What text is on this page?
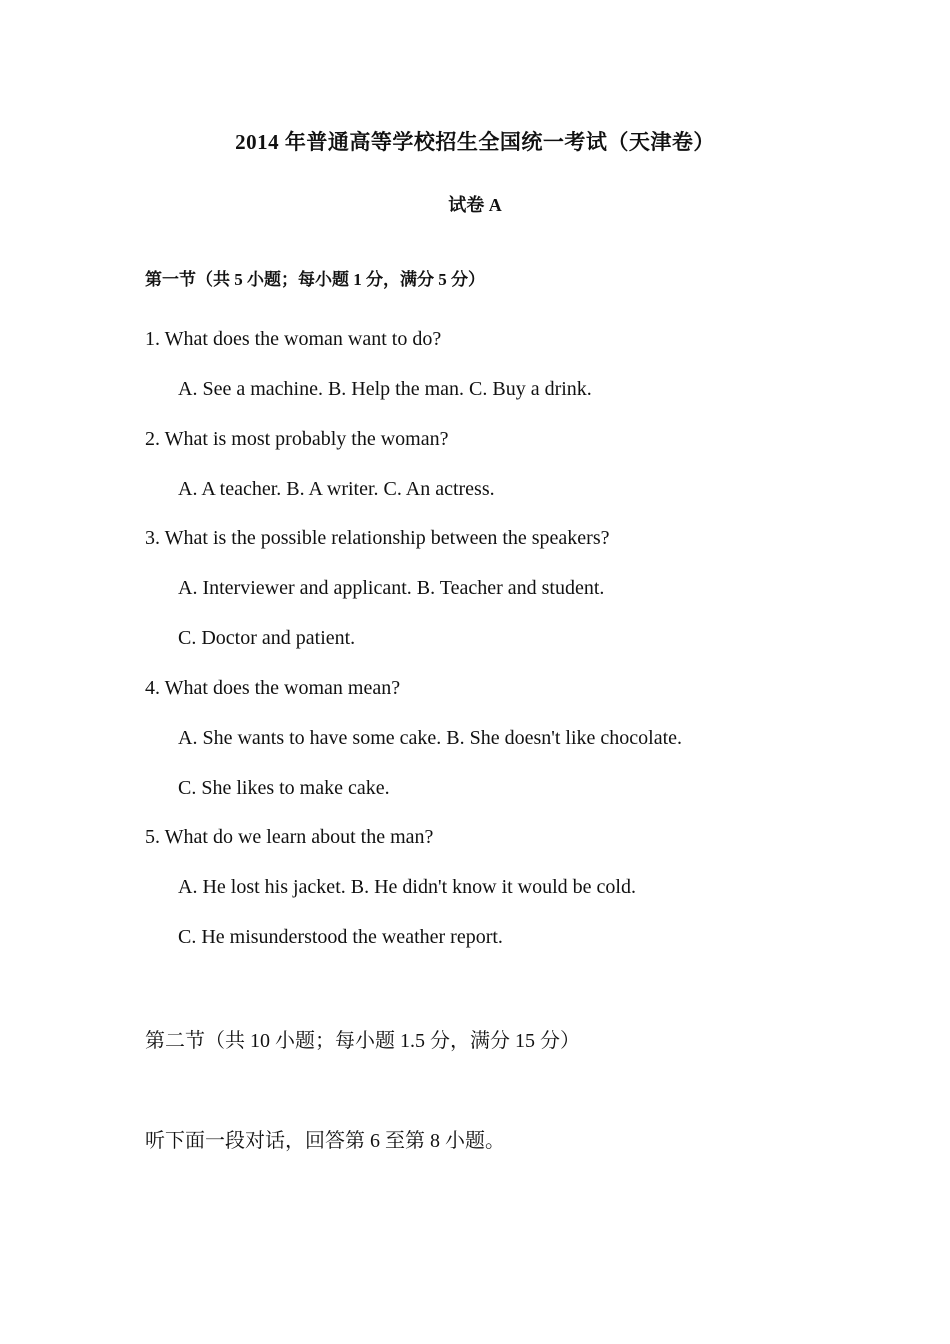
2014 年普通高等学校招生全国统一考试（天津卷）
试卷 A
第一节（共 5 小题；每小题 1 分，满分 5 分）
1. What does the woman want to do?
A. See a machine. B. Help the man. C. Buy a drink.
2. What is most probably the woman?
A. A teacher. B. A writer. C. An actress.
3. What is the possible relationship between the speakers?
A. Interviewer and applicant. B. Teacher and student.
C. Doctor and patient.
4. What does the woman mean?
A. She wants to have some cake. B. She doesn't like chocolate.
C. She likes to make cake.
5. What do we learn about the man?
A. He lost his jacket. B. He didn't know it would be cold.
C. He misunderstood the weather report.
第二节（共 10 小题；每小题 1.5 分，满分 15 分）
听下面一段对话，回答第 6 至第 8 小题。
